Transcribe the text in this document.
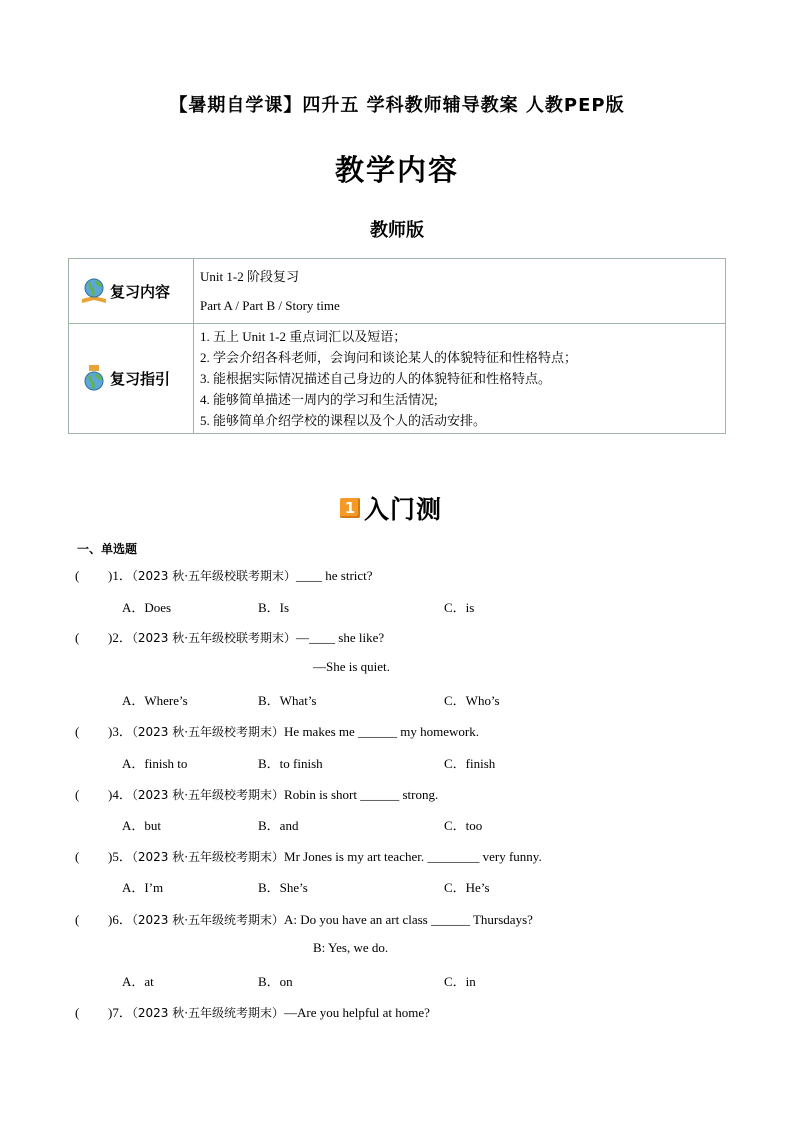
【暑期自学课】四升五 学科教师辅导教案 人教PEP版
教学内容
教师版
复习内容	Unit 1-2 阶段复习
Part A / Part B / Story time

复习指引	1. 五上 Unit 1-2 重点词汇以及短语；
2. 学会介绍各科老师，会询问和谈论某人的体貌特征和性格特点；
3. 能根据实际情况描述自己身边的人的体貌特征和性格特点。
4. 能够简单描述一周内的学习和生活情况;
5. 能够简单介绍学校的课程以及个人的活动安排。
1 入门测
一、单选题
( )1．（2023 秋·五年级校联考期末）____ he strict?
A．Does	B．Is	C．is
( )2．（2023 秋·五年级校联考期末）—____ she like?
—She is quiet.
A．Where’s	B．What’s	C．Who’s
( )3．（2023 秋·五年级校考期末）He makes me ______ my homework.
A．finish to	B．to finish	C．finish
( )4．（2023 秋·五年级校考期末）Robin is short ______ strong.
A．but	B．and	C．too
( )5．（2023 秋·五年级校考期末）Mr Jones is my art teacher. ________ very funny.
A．I’m	B．She’s	C．He’s
( )6．（2023 秋·五年级统考期末）A: Do you have an art class ______ Thursdays?
B: Yes, we do.
A．at	B．on	C．in
( )7．（2023 秋·五年级统考期末）—Are you helpful at home?
